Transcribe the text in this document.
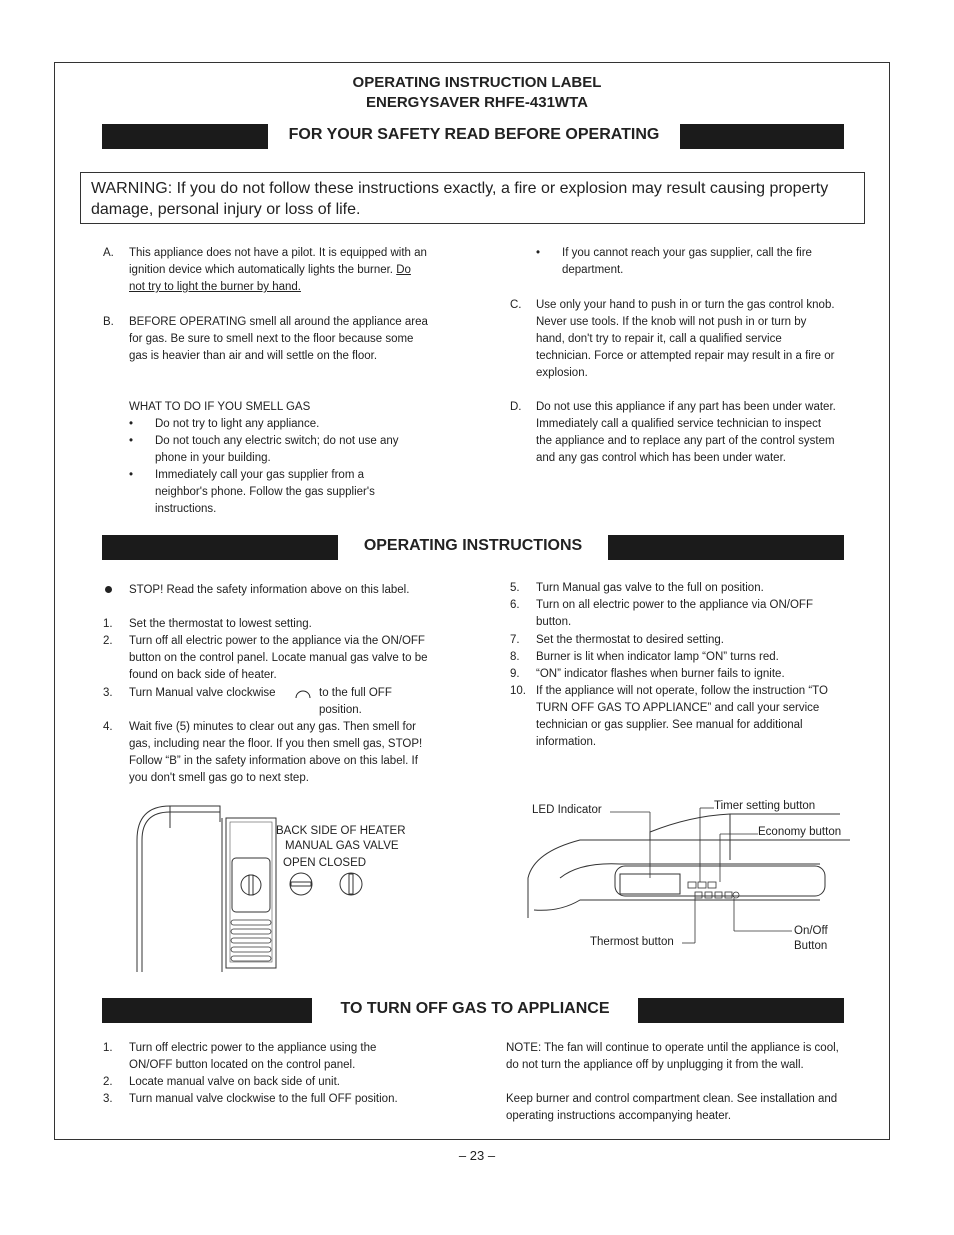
OPERATING INSTRUCTION LABEL
ENERGYSAVER RHFE-431WTA
FOR YOUR SAFETY READ BEFORE OPERATING
WARNING: If you do not follow these instructions exactly, a fire or explosion may result causing property damage, personal injury or loss of life.
A.	This appliance does not have a pilot. It is equipped with an ignition device which automatically lights the burner. Do not try to light the burner by hand.
B.	BEFORE OPERATING smell all around the appliance area for gas. Be sure to smell next to the floor because some gas is heavier than air and will settle on the floor.
WHAT TO DO IF YOU SMELL GAS
• Do not try to light any appliance.
• Do not touch any electric switch; do not use any phone in your building.
• Immediately call your gas supplier from a neighbor's phone. Follow the gas supplier's instructions.
• If you cannot reach your gas supplier, call the fire department.
C.	Use only your hand to push in or turn the gas control knob. Never use tools. If the knob will not push in or turn by hand, don't try to repair it, call a qualified service technician. Force or attempted repair may result in a fire or explosion.
D.	Do not use this appliance if any part has been under water. Immediately call a qualified service technician to inspect the appliance and to replace any part of the control system and any gas control which has been under water.
OPERATING INSTRUCTIONS
STOP! Read the safety information above on this label.
1.	Set the thermostat to lowest setting.
2.	Turn off all electric power to the appliance via the ON/OFF button on the control panel. Locate manual gas valve to be found on back side of heater.
3.	Turn Manual valve clockwise	to the full OFF position.
4.	Wait five (5) minutes to clear out any gas. Then smell for gas, including near the floor. If you then smell gas, STOP! Follow “B” in the safety information above on this label. If you don't smell gas go to next step.
5.	Turn Manual gas valve to the full on position.
6.	Turn on all electric power to the appliance via ON/OFF button.
7.	Set the thermostat to desired setting.
8.	Burner is lit when indicator lamp “ON” turns red.
9.	“ON” indicator flashes when burner fails to ignite.
10. If the appliance will not operate, follow the instruction “TO TURN OFF GAS TO APPLIANCE” and call your service technician or gas supplier. See manual for additional information.
BACK SIDE OF HEATER
MANUAL GAS VALVE
OPEN CLOSED
LED Indicator	Timer setting button
Economy button
Thermost button
On/Off
Button
TO TURN OFF GAS TO APPLIANCE
1.	Turn off electric power to the appliance using the ON/OFF button located on the control panel.
2.	Locate manual valve on back side of unit.
3.	Turn manual valve clockwise to the full OFF position.
NOTE: The fan will continue to operate until the appliance is cool, do not turn the appliance off by unplugging it from the wall.
Keep burner and control compartment clean. See installation and operating instructions accompanying heater.
– 23 –
